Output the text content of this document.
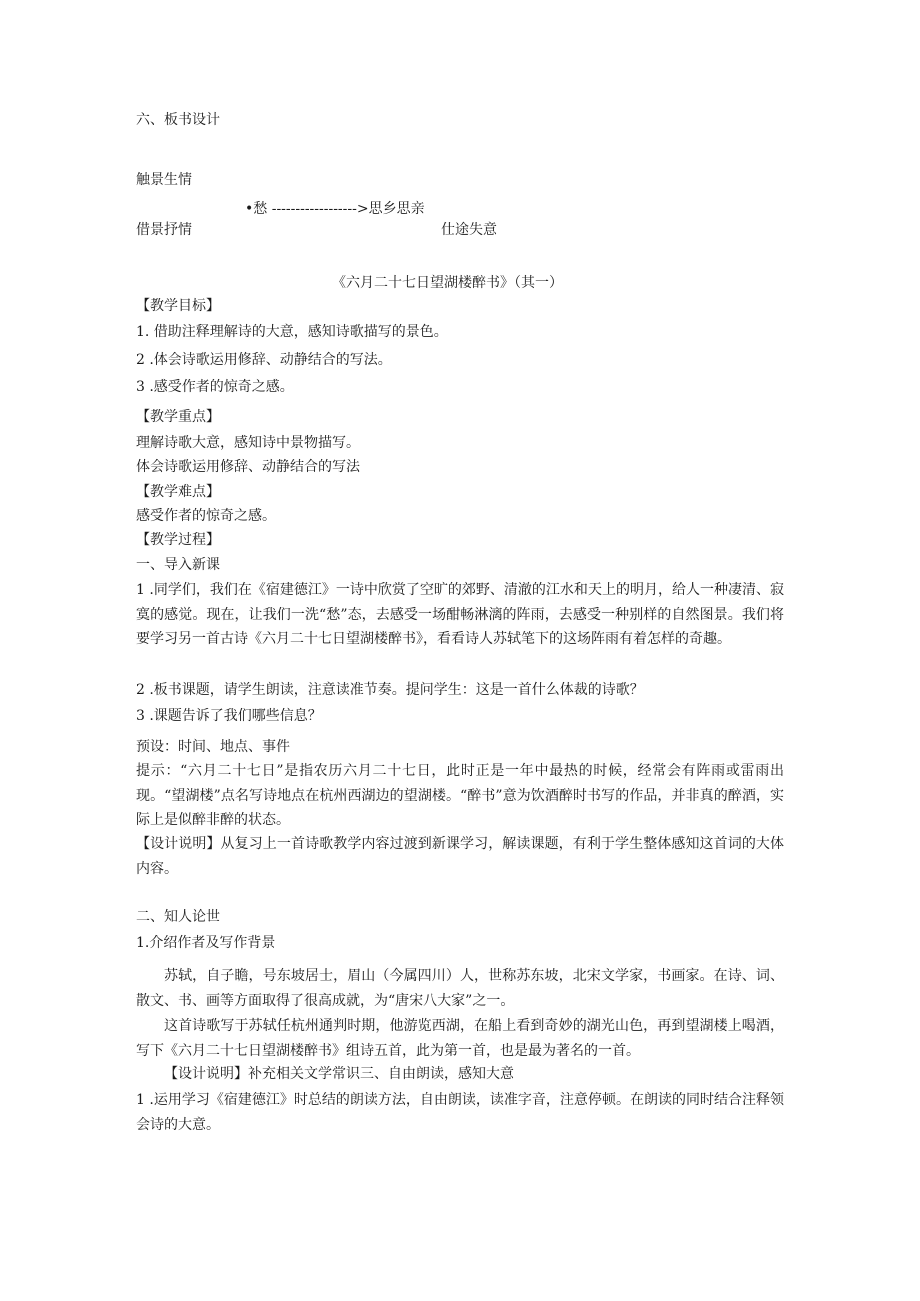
六、板书设计
触景生情
•愁 ------------------>思乡思亲
借景抒情	仕途失意
《六月二十七日望湖楼醉书》（其一）
【教学目标】
1. 借助注释理解诗的大意，感知诗歌描写的景色。
2 .体会诗歌运用修辞、动静结合的写法。
3 .感受作者的惊奇之感。
【教学重点】
理解诗歌大意，感知诗中景物描写。
体会诗歌运用修辞、动静结合的写法
【教学难点】
感受作者的惊奇之感。
【教学过程】
一、导入新课
1 .同学们，我们在《宿建德江》一诗中欣赏了空旷的郊野、清澈的江水和天上的明月，给人一种凄清、寂寞的感觉。现在，让我们一洗“愁”态，去感受一场酣畅淋漓的阵雨，去感受一种别样的自然图景。我们将要学习另一首古诗《六月二十七日望湖楼醉书》，看看诗人苏轼笔下的这场阵雨有着怎样的奇趣。
2 .板书课题，请学生朗读，注意读准节奏。提问学生：这是一首什么体裁的诗歌？
3 .课题告诉了我们哪些信息？
预设：时间、地点、事件
提示：“六月二十七日”是指农历六月二十七日，此时正是一年中最热的时候，经常会有阵雨或雷雨出现。“望湖楼”点名写诗地点在杭州西湖边的望湖楼。“醉书”意为饮酒醉时书写的作品，并非真的醉酒，实际上是似醉非醉的状态。
【设计说明】从复习上一首诗歌教学内容过渡到新课学习，解读课题，有利于学生整体感知这首词的大体内容。
二、知人论世
1.介绍作者及写作背景
苏轼，自子瞻，号东坡居士，眉山（今属四川）人，世称苏东坡，北宋文学家，书画家。在诗、词、散文、书、画等方面取得了很高成就，为“唐宋八大家”之一。
这首诗歌写于苏轼任杭州通判时期，他游览西湖，在船上看到奇妙的湖光山色，再到望湖楼上喝酒，写下《六月二十七日望湖楼醉书》组诗五首，此为第一首，也是最为著名的一首。
【设计说明】补充相关文学常识三、自由朗读，感知大意
1 .运用学习《宿建德江》时总结的朗读方法，自由朗读，读准字音，注意停顿。在朗读的同时结合注释领会诗的大意。
